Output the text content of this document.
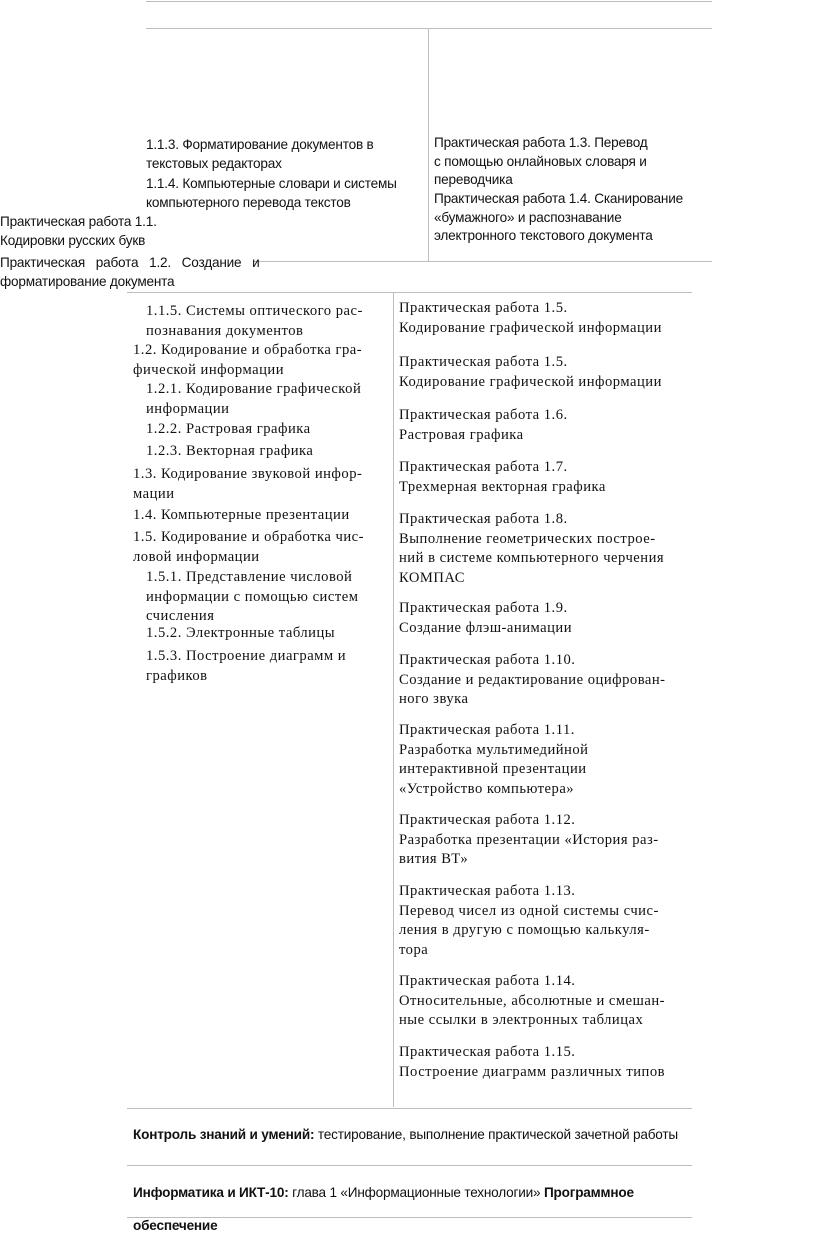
1.1.3. Форматирование документов в
текстовых редакторах

1.1.4. Компьютерные словари и системы
компьютерного перевода текстов

Практическая работа 1.1.
Кодировки русских букв

Практическая   работа   1.2.   Создание   и
форматирование документа

Практическая работа 1.3. Перевод
с помощью онлайновых словаря и
переводчика

Практическая работа 1.4. Сканирование
«бумажного» и распознавание
электронного текстового документа

1.1.5. Системы оптического рас-
познавания документов

1.2. Кодирование и обработка гра-
фической информации

1.2.1. Кодирование графической
информации

1.2.2. Растровая графика

1.2.3. Векторная графика

1.3. Кодирование звуковой инфор-
мации

1.4. Компьютерные презентации

1.5. Кодирование и обработка чис-
ловой информации

1.5.1. Представление числовой
информации с помощью систем
счисления

1.5.2. Электронные таблицы

1.5.3. Построение диаграмм и
графиков

Практическая работа 1.5.
Кодирование графической информации

Практическая работа 1.5.
Кодирование графической информации

Практическая работа 1.6.
Растровая графика

Практическая работа 1.7.
Трехмерная векторная графика

Практическая работа 1.8.
Выполнение геометрических построе-
ний в системе компьютерного черчения
КОМПАС

Практическая работа 1.9.
Создание флэш-анимации

Практическая работа 1.10.
Создание и редактирование оцифрован-
ного звука

Практическая работа 1.11.
Разработка мультимедийной
интерактивной презентации
«Устройство компьютера»

Практическая работа 1.12.
Разработка презентации «История раз-
вития ВТ»

Практическая работа 1.13.
Перевод чисел из одной системы счис-
ления в другую с помощью калькуля-
тора

Практическая работа 1.14.
Относительные, абсолютные и смешан-
ные ссылки в электронных таблицах

Практическая работа 1.15.
Построение диаграмм различных типов

Контроль знаний и умений: тестирование, выполнение практической зачетной работы

Информатика и ИКТ-10: глава 1 «Информационные технологии» Программное

обеспечение
